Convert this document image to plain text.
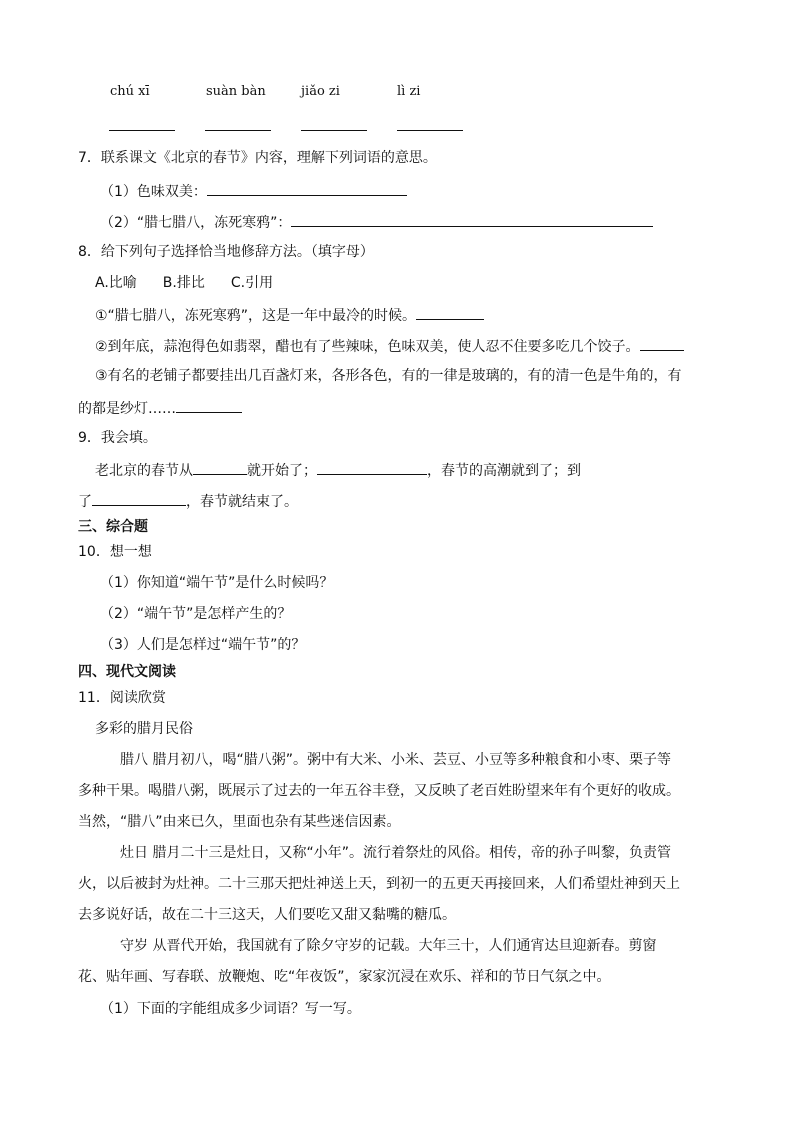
chú xī	suàn bàn	jiǎo zi	lì zi
7．联系课文《北京的春节》内容，理解下列词语的意思。
（1）色味双美：
（2）“腊七腊八，冻死寒鸦”：
8．给下列句子选择恰当地修辞方法。（填字母）
A.比喻 B.排比 C.引用
①“腊七腊八，冻死寒鸦”，这是一年中最冷的时候。
②到年底，蒜泡得色如翡翠，醋也有了些辣味，色味双美，使人忍不住要多吃几个饺子。
③有名的老铺子都要挂出几百盏灯来，各形各色，有的一律是玻璃的，有的清一色是牛角的，有
的都是纱灯……
9．我会填。
老北京的春节从	就开始了；	，春节的高潮就到了；到
了	，春节就结束了。
三、综合题
10．想一想
（1）你知道“端午节”是什么时候吗？
（2）“端午节”是怎样产生的？
（3）人们是怎样过“端午节”的？
四、现代文阅读
11．阅读欣赏
多彩的腊月民俗
腊八 腊月初八，喝“腊八粥”。粥中有大米、小米、芸豆、小豆等多种粮食和小枣、栗子等
多种干果。喝腊八粥，既展示了过去的一年五谷丰登，又反映了老百姓盼望来年有个更好的收成。
当然，“腊八”由来已久，里面也杂有某些迷信因素。
灶日 腊月二十三是灶日，又称“小年”。流行着祭灶的风俗。相传，帝的孙子叫黎，负责管
火，以后被封为灶神。二十三那天把灶神送上天，到初一的五更天再接回来，人们希望灶神到天上
去多说好话，故在二十三这天，人们要吃又甜又黏嘴的糖瓜。
守岁 从晋代开始，我国就有了除夕守岁的记载。大年三十，人们通宵达旦迎新春。剪窗
花、贴年画、写春联、放鞭炮、吃“年夜饭”，家家沉浸在欢乐、祥和的节日气氛之中。
（1）下面的字能组成多少词语？写一写。
